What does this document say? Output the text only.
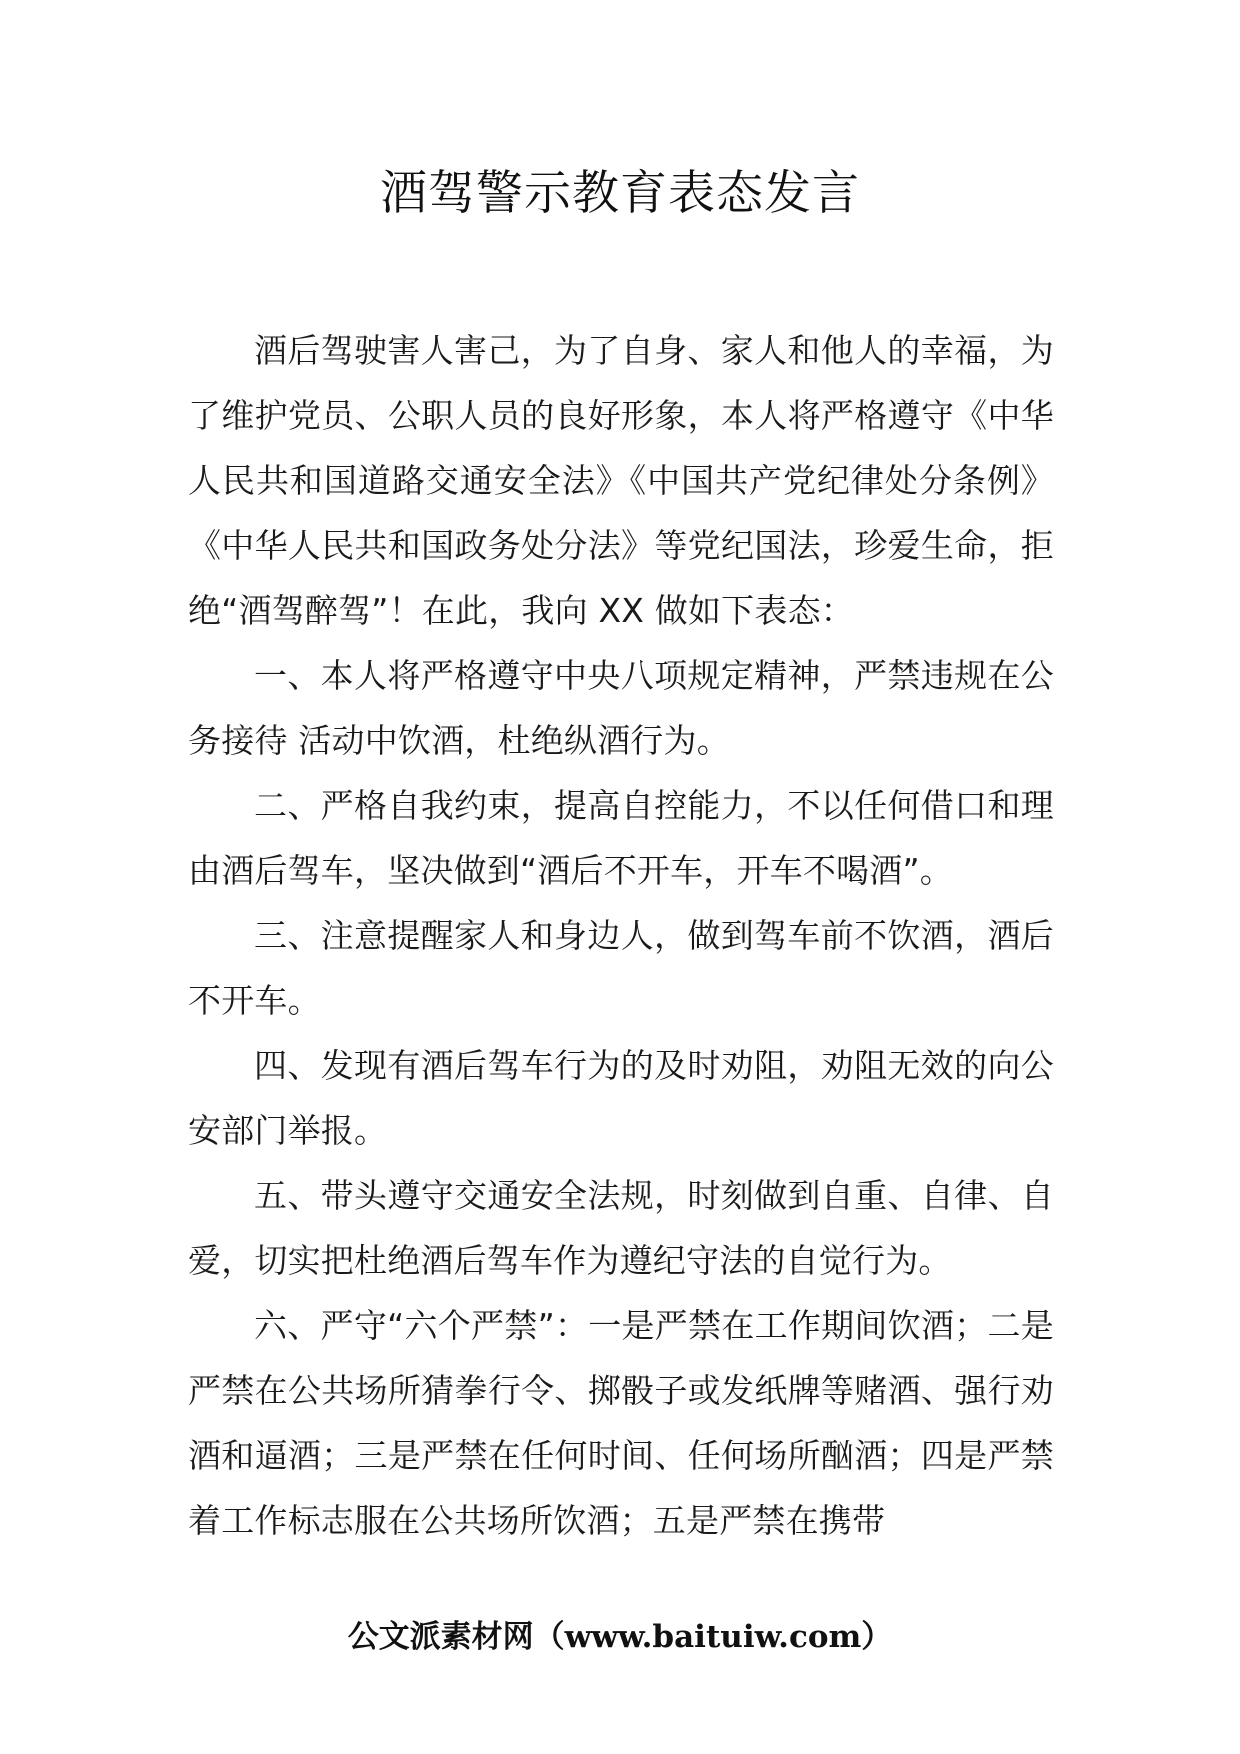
酒驾警示教育表态发言

酒后驾驶害人害己，为了自身、家人和他人的幸福，为了维护党员、公职人员的良好形象，本人将严格遵守《中华人民共和国道路交通安全法》《中国共产党纪律处分条例》《中华人民共和国政务处分法》等党纪国法，珍爱生命，拒绝“酒驾醉驾”！在此，我向 XX 做如下表态：

一、本人将严格遵守中央八项规定精神，严禁违规在公务接待 活动中饮酒，杜绝纵酒行为。

二、严格自我约束，提高自控能力，不以任何借口和理由酒后驾车，坚决做到“酒后不开车，开车不喝酒”。

三、注意提醒家人和身边人，做到驾车前不饮酒，酒后不开车。

四、发现有酒后驾车行为的及时劝阻，劝阻无效的向公安部门举报。

五、带头遵守交通安全法规，时刻做到自重、自律、自爱，切实把杜绝酒后驾车作为遵纪守法的自觉行为。

六、严守“六个严禁”：一是严禁在工作期间饮酒；二是严禁在公共场所猜拳行令、掷骰子或发纸牌等赌酒、强行劝酒和逼酒；三是严禁在任何时间、任何场所酗酒；四是严禁着工作标志服在公共场所饮酒；五是严禁在携带

公文派素材网（www.baituiw.com）
